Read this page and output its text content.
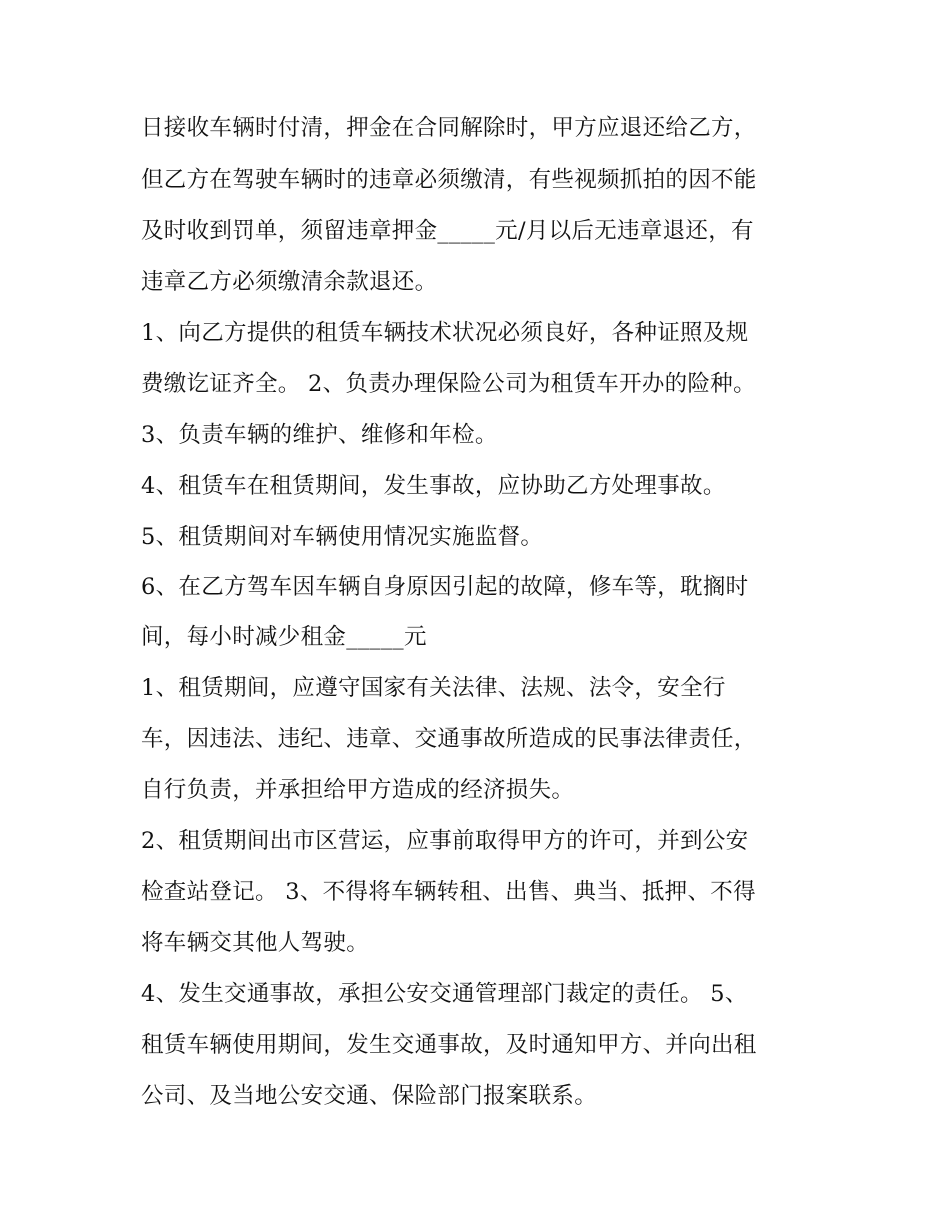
日接收车辆时付清，押金在合同解除时，甲方应退还给乙方，
但乙方在驾驶车辆时的违章必须缴清，有些视频抓拍的因不能
及时收到罚单，须留违章押金_____元/月以后无违章退还，有
违章乙方必须缴清余款退还。
1、向乙方提供的租赁车辆技术状况必须良好，各种证照及规
费缴讫证齐全。 2、负责办理保险公司为租赁车开办的险种。
3、负责车辆的维护、维修和年检。
4、租赁车在租赁期间，发生事故，应协助乙方处理事故。
5、租赁期间对车辆使用情况实施监督。
6、在乙方驾车因车辆自身原因引起的故障，修车等，耽搁时
间，每小时减少租金_____元
1、租赁期间，应遵守国家有关法律、法规、法令，安全行
车，因违法、违纪、违章、交通事故所造成的民事法律责任，
自行负责，并承担给甲方造成的经济损失。
2、租赁期间出市区营运，应事前取得甲方的许可，并到公安
检查站登记。 3、不得将车辆转租、出售、典当、抵押、不得
将车辆交其他人驾驶。
4、发生交通事故，承担公安交通管理部门裁定的责任。 5、
租赁车辆使用期间，发生交通事故，及时通知甲方、并向出租
公司、及当地公安交通、保险部门报案联系。
